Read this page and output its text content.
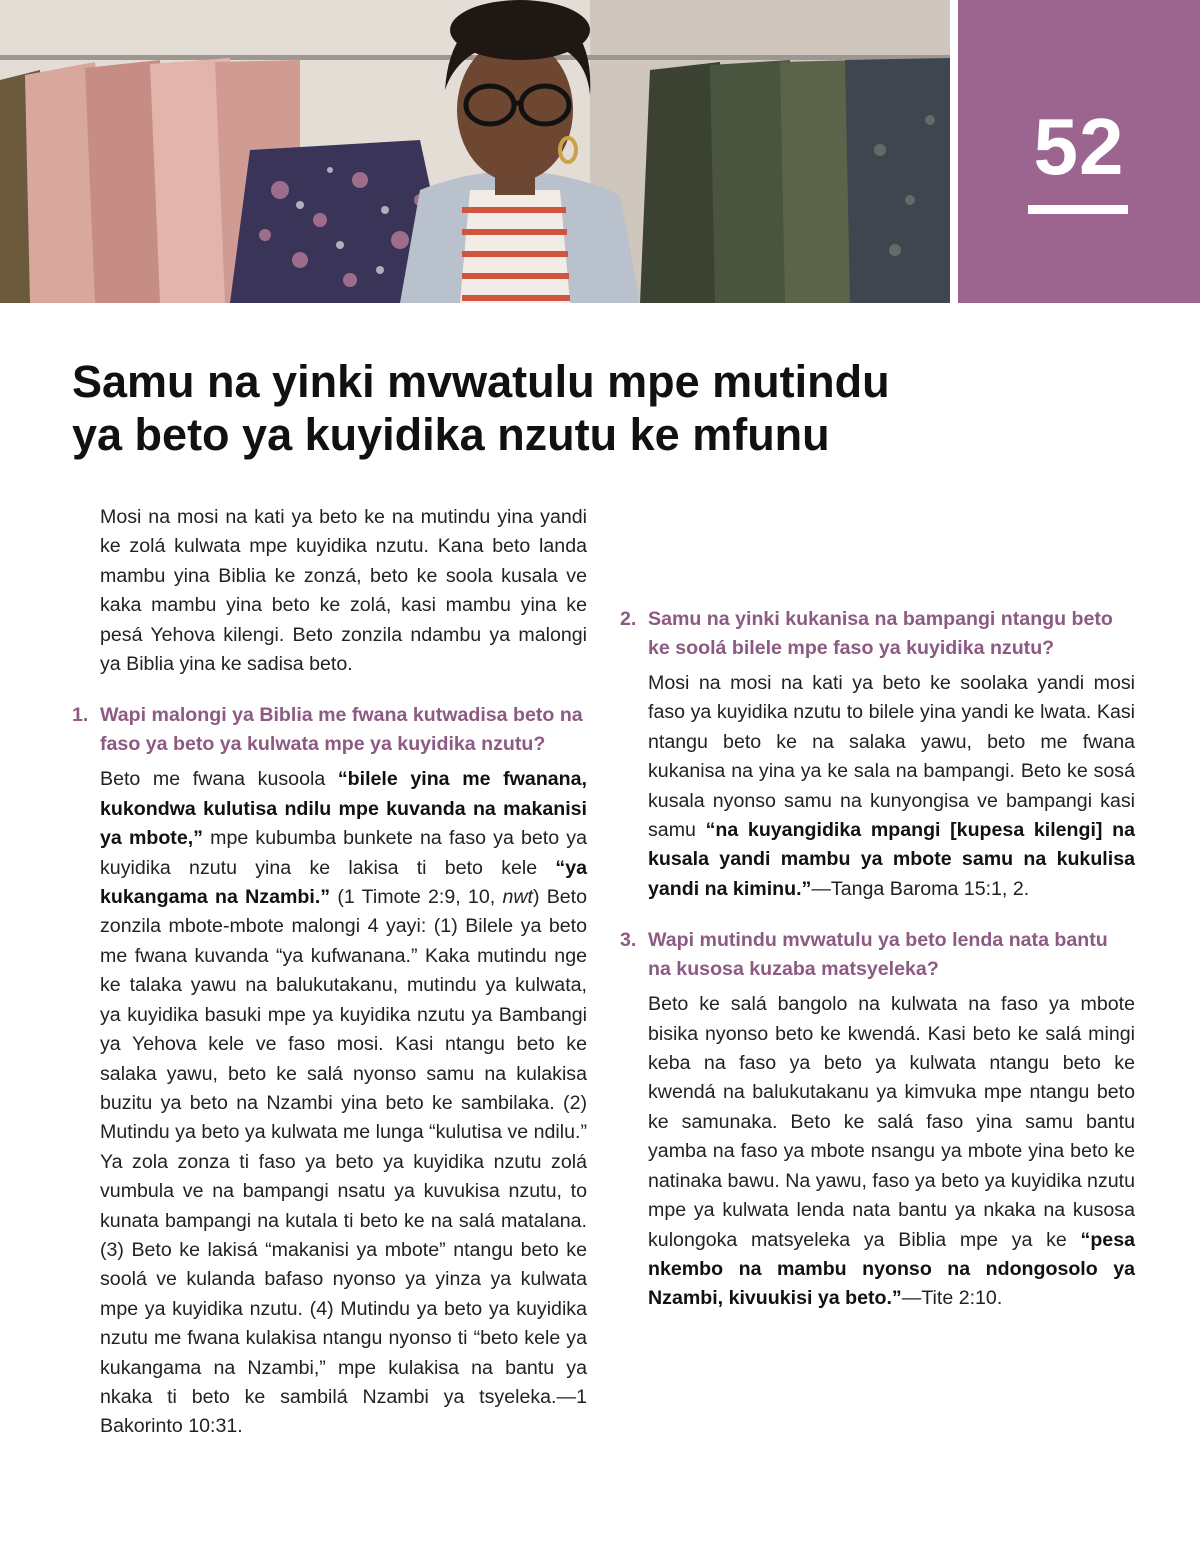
52
Samu na yinki mvwatulu mpe mutindu
ya beto ya kuyidika nzutu ke mfunu

Mosi na mosi na kati ya beto ke na mutindu yina yandi ke zolá kulwata mpe kuyidika nzutu. Kana beto landa mambu yina Biblia ke zonzá, beto ke soola kusala ve kaka mambu yina beto ke zolá, kasi mambu yina ke pesá Yehova kilengi. Beto zonzila ndambu ya malongi ya Biblia yina ke sadisa beto.

1. Wapi malongi ya Biblia me fwana kutwadisa beto na faso ya beto ya kulwata mpe ya kuyidika nzutu?

Beto me fwana kusoola “bilele yina me fwanana, kukondwa kulutisa ndilu mpe kuvanda na makanisi ya mbote,” mpe kubumba bunkete na faso ya beto ya kuyidika nzutu yina ke lakisa ti beto kele “ya kukangama na Nzambi.” (1 Timote 2:9, 10, nwt) Beto zonzila mbote-mbote malongi 4 yayi: (1) Bilele ya beto me fwana kuvanda “ya kufwanana.” Kaka mutindu nge ke talaka yawu na balukutakanu, mutindu ya kulwata, ya kuyidika basuki mpe ya kuyidika nzutu ya Bambangi ya Yehova kele ve faso mosi. Kasi ntangu beto ke salaka yawu, beto ke salá nyonso samu na kulakisa buzitu ya beto na Nzambi yina beto ke sambilaka. (2) Mutindu ya beto ya kulwata me lunga “kulutisa ve ndilu.” Ya zola zonza ti faso ya beto ya kuyidika nzutu zolá vumbula ve na bampangi nsatu ya kuvukisa nzutu, to kunata bampangi na kutala ti beto ke na salá matalana. (3) Beto ke lakisá “makanisi ya mbote” ntangu beto ke soolá ve kulanda bafaso nyonso ya yinza ya kulwata mpe ya kuyidika nzutu. (4) Mutindu ya beto ya kuyidika nzutu me fwana kulakisa ntangu nyonso ti “beto kele ya kukangama na Nzambi,” mpe kulakisa na bantu ya nkaka ti beto ke sambilá Nzambi ya tsyeleka.—1 Bakorinto 10:31.

2. Samu na yinki kukanisa na bampangi ntangu beto ke soolá bilele mpe faso ya kuyidika nzutu?

Mosi na mosi na kati ya beto ke soolaka yandi mosi faso ya kuyidika nzutu to bilele yina yandi ke lwata. Kasi ntangu beto ke na salaka yawu, beto me fwana kukanisa na yina ya ke sala na bampangi. Beto ke sosá kusala nyonso samu na kunyongisa ve bampangi kasi samu “na kuyangidika mpangi [kupesa kilengi] na kusala yandi mambu ya mbote samu na kukulisa yandi na kiminu.”—Tanga Baroma 15:1, 2.

3. Wapi mutindu mvwatulu ya beto lenda nata bantu na kusosa kuzaba matsyeleka?

Beto ke salá bangolo na kulwata na faso ya mbote bisika nyonso beto ke kwendá. Kasi beto ke salá mingi keba na faso ya beto ya kulwata ntangu beto ke kwendá na balukutakanu ya kimvuka mpe ntangu beto ke samunaka. Beto ke salá faso yina samu bantu yamba na faso ya mbote nsangu ya mbote yina beto ke natinaka bawu. Na yawu, faso ya beto ya kuyidika nzutu mpe ya kulwata lenda nata bantu ya nkaka na kusosa kulongoka matsyeleka ya Biblia mpe ya ke “pesa nkembo na mambu nyonso na ndongosolo ya Nzambi, kivuukisi ya beto.”—Tite 2:10.
